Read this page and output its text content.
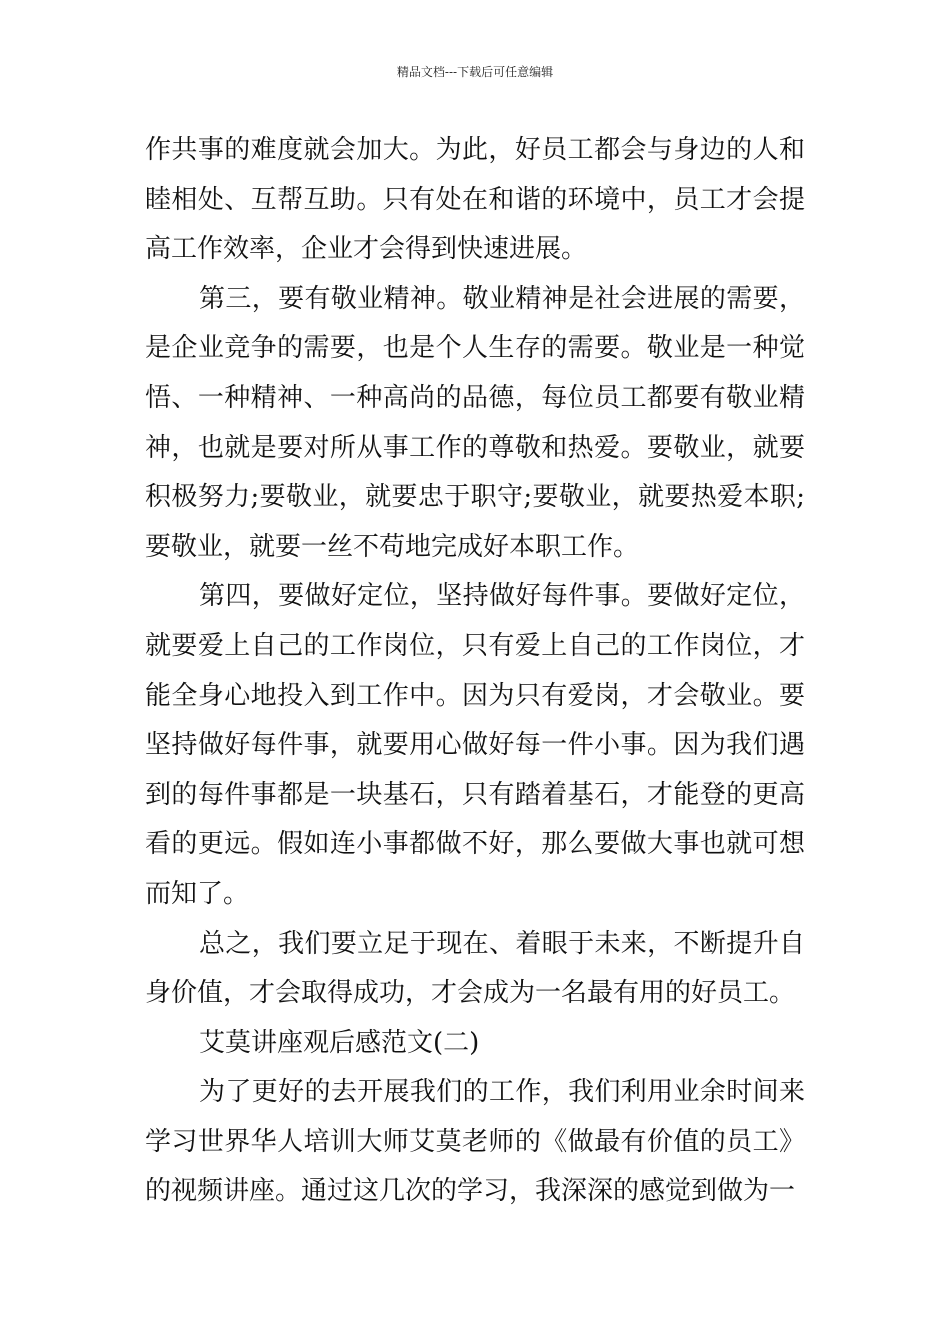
精品文档---下载后可任意编辑

作共事的难度就会加大。为此，好员工都会与身边的人和睦相处、互帮互助。只有处在和谐的环境中，员工才会提高工作效率，企业才会得到快速进展。

第三，要有敬业精神。敬业精神是社会进展的需要，是企业竞争的需要，也是个人生存的需要。敬业是一种觉悟、一种精神、一种高尚的品德，每位员工都要有敬业精神，也就是要对所从事工作的尊敬和热爱。要敬业，就要积极努力;要敬业，就要忠于职守;要敬业，就要热爱本职;要敬业，就要一丝不苟地完成好本职工作。

第四，要做好定位，坚持做好每件事。要做好定位，就要爱上自己的工作岗位，只有爱上自己的工作岗位，才能全身心地投入到工作中。因为只有爱岗，才会敬业。要坚持做好每件事，就要用心做好每一件小事。因为我们遇到的每件事都是一块基石，只有踏着基石，才能登的更高看的更远。假如连小事都做不好，那么要做大事也就可想而知了。

总之，我们要立足于现在、着眼于未来，不断提升自身价值，才会取得成功，才会成为一名最有用的好员工。

艾莫讲座观后感范文(二)

为了更好的去开展我们的工作，我们利用业余时间来学习世界华人培训大师艾莫老师的《做最有价值的员工》的视频讲座。通过这几次的学习，我深深的感觉到做为一
